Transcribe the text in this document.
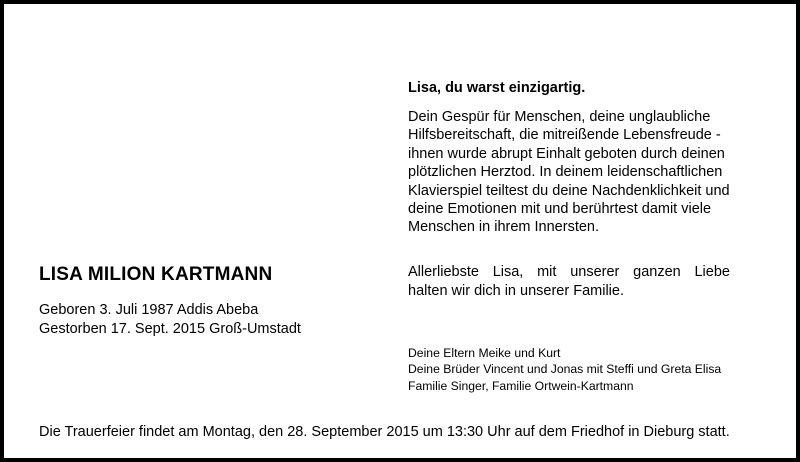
Lisa, du warst einzigartig.
Dein Gespür für Menschen, deine unglaubliche
Hilfsbereitschaft, die mitreißende Lebensfreude -
ihnen wurde abrupt Einhalt geboten durch deinen
plötzlichen Herztod. In deinem leidenschaftlichen
Klavierspiel teiltest du deine Nachdenklichkeit und
deine Emotionen mit und berührtest damit viele
Menschen in ihrem Innersten.
LISA MILION KARTMANN
Geboren 3. Juli 1987 Addis Abeba
Gestorben 17. Sept. 2015 Groß-Umstadt
Allerliebste Lisa, mit unserer ganzen Liebe
halten wir dich in unserer Familie.
Deine Eltern Meike und Kurt
Deine Brüder Vincent und Jonas mit Steffi und Greta Elisa
Familie Singer, Familie Ortwein-Kartmann
Die Trauerfeier findet am Montag, den 28. September 2015 um 13:30 Uhr auf dem Friedhof in Dieburg statt.
